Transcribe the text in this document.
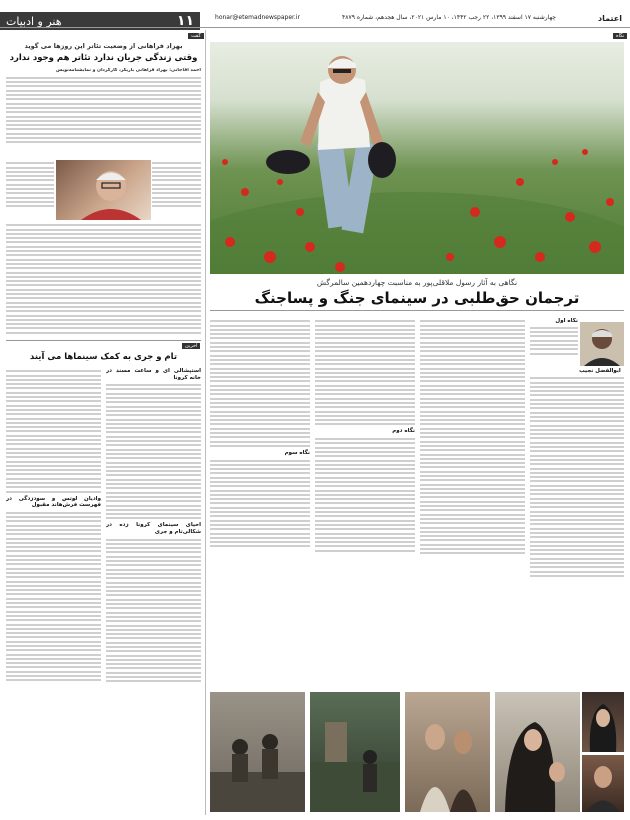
۱۱
هنر و ادبیات	اعتماد
چهارشنبه ۱۷ اسفند ۱۳۹۹، ۲۲ رجب ۱۴۴۲، ۱۰ مارس ۲۰۲۱، سال هجدهم، شماره ۴۸۷۹
honar@etemadnewspaper.ir
گفت
بهزاد فراهانی از وضعیت تئاتر این روزها می گوید
وقتی زندگی جریان ندارد تئاتر هم وجود ندارد

احمد آقاجانی: بهزاد فراهانی بازیگر، کارگردان و نمایشنامه‌نویس

آخرین
تام و جری به کمک سینماها می آیند

وادیان لوتس و سودزدگی در فهرست فرش‌هاند مقبول

استپشالی ای و ساعت مسند در خانه کرونا

احیای سینمای کرونا زده در شکالی‌تام و جری

نگاه
نگاهی به آثار رسول ملاقلی‌پور به مناسبت چهاردهمین سالمرگش
ترجمان حق‌طلبی در سینمای جنگ و پساجنگ
ابوالفضل نجیب

نگاه اول

نگاه دوم

نگاه سوم
